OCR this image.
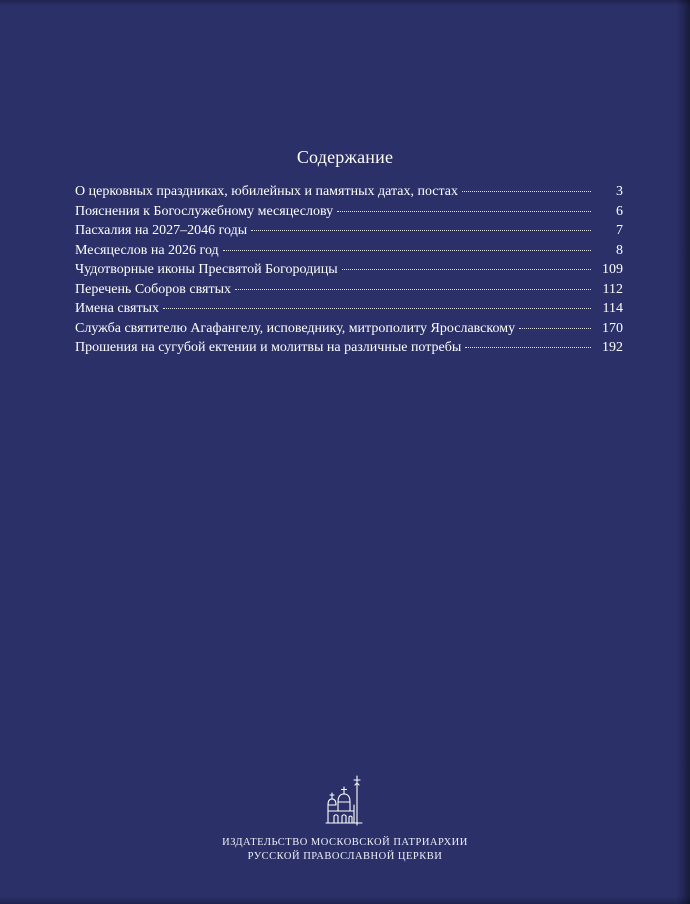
Содержание
О церковных праздниках, юбилейных и памятных датах, постах	3
Пояснения к Богослужебному месяцеслову	6
Пасхалия на 2027–2046 годы	7
Месяцеслов на 2026 год	8
Чудотворные иконы Пресвятой Богородицы	109
Перечень Соборов святых	112
Имена святых	114
Служба святителю Агафангелу, исповеднику, митрополиту Ярославскому	170
Прошения на сугубой ектении и молитвы на различные потребы	192
ИЗДАТЕЛЬСТВО МОСКОВСКОЙ ПАТРИАРХИИ
РУССКОЙ ПРАВОСЛАВНОЙ ЦЕРКВИ
